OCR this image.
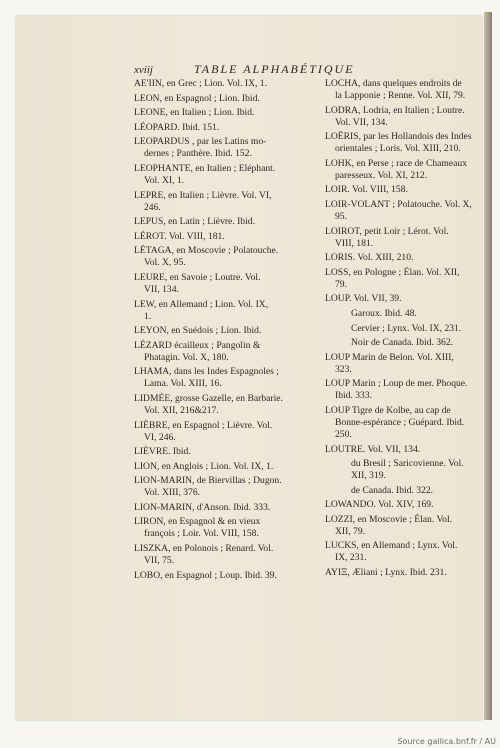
xviij	TABLE ALPHABÉTIQUE

AE'IIN, en Grec ; Lion. Vol. IX, 1.

LEON, en Espagnol ; Lion. Ibid.

LEONE, en Italien ; Lion. Ibid.

LÉOPARD. Ibid. 151.

LEOPARDUS , par les Latins mo-

dernes ; Panthère. Ibid. 152.

LEOPHANTE, en Italien ; Eléphant.

Vol. XI, 1.

LEPRE, en Italien ; Lièvre. Vol. VI,

246.

LEPUS, en Latin ; Lièvre. Ibid.

LÉROT. Vol. VIII, 181.

LÉTAGA, en Moscovie ; Polatouche.

Vol. X, 95.

LEURE, en Savoie ; Loutre. Vol.

VII, 134.

LEW, en Allemand ; Lion. Vol. IX,

1.

LEYON, en Suédois ; Lion. Ibid.

LÉZARD écailleux ; Pangolin &

Phatagin. Vol. X, 180.

LHAMA, dans les Indes Espagnoles ;

Lama. Vol. XIII, 16.

LIDMÉE, grosse Gazelle, en Barbarie.

Vol. XII, 216&217.

LIÈBRE, en Espagnol ; Lièvre. Vol.

VI, 246.

LIÈVRE. Ibid.

LION, en Anglois ; Lion. Vol. IX, 1.

LION-MARIN, de Biervillas ; Dugon.

Vol. XIII, 376.

LION-MARIN, d'Anson. Ibid. 333.

LIRON, en Espagnol & en vieux

françois ; Loir. Vol. VIII, 158.

LISZKA, en Polonois ; Renard. Vol.

VII, 75.

LOBO, en Espagnol ; Loup. Ibid. 39.

LOCHA, dans quelques endroits de

la Lapponie ; Renne. Vol. XII, 79.

LODRA, Lodria, en Italien ; Loutre.

Vol. VII, 134.

LOËRIS, par les Hollandois des Indes

orientales ; Loris. Vol. XIII, 210.

LOHK, en Perse ; race de Chameaux

paresseux. Vol. XI, 212.

LOIR. Vol. VIII, 158.

LOIR-VOLANT ; Polatouche. Vol. X,

95.

LOIROT, petit Loir ; Lérot. Vol.

VIII, 181.

LORIS. Vol. XIII, 210.

LOSS, en Pologne ; Élan. Vol. XII,

79.

LOUP. Vol. VII, 39.

Garoux. Ibid. 48.

Cervier ; Lynx. Vol. IX, 231.

Noir de Canada. Ibid. 362.

LOUP Marin de Belon. Vol. XIII,

323.

LOUP Marin ; Loup de mer. Phoque.

Ibid. 333.

LOUP Tigre de Kolbe, au cap de

Bonne-espérance ; Guépard. Ibid.

250.

LOUTRE. Vol. VII, 134.

du Bresil ; Saricovienne. Vol.

XII, 319.

de Canada. Ibid. 322.

LOWANDO. Vol. XIV, 169.

LOZZI, en Moscovie ; Élan. Vol.

XII, 79.

LUCKS, en Allemand ; Lynx. Vol.

IX, 231.

AYIΞ, Æliani ; Lynx. Ibid. 231.

Source gallica.bnf.fr / AU
